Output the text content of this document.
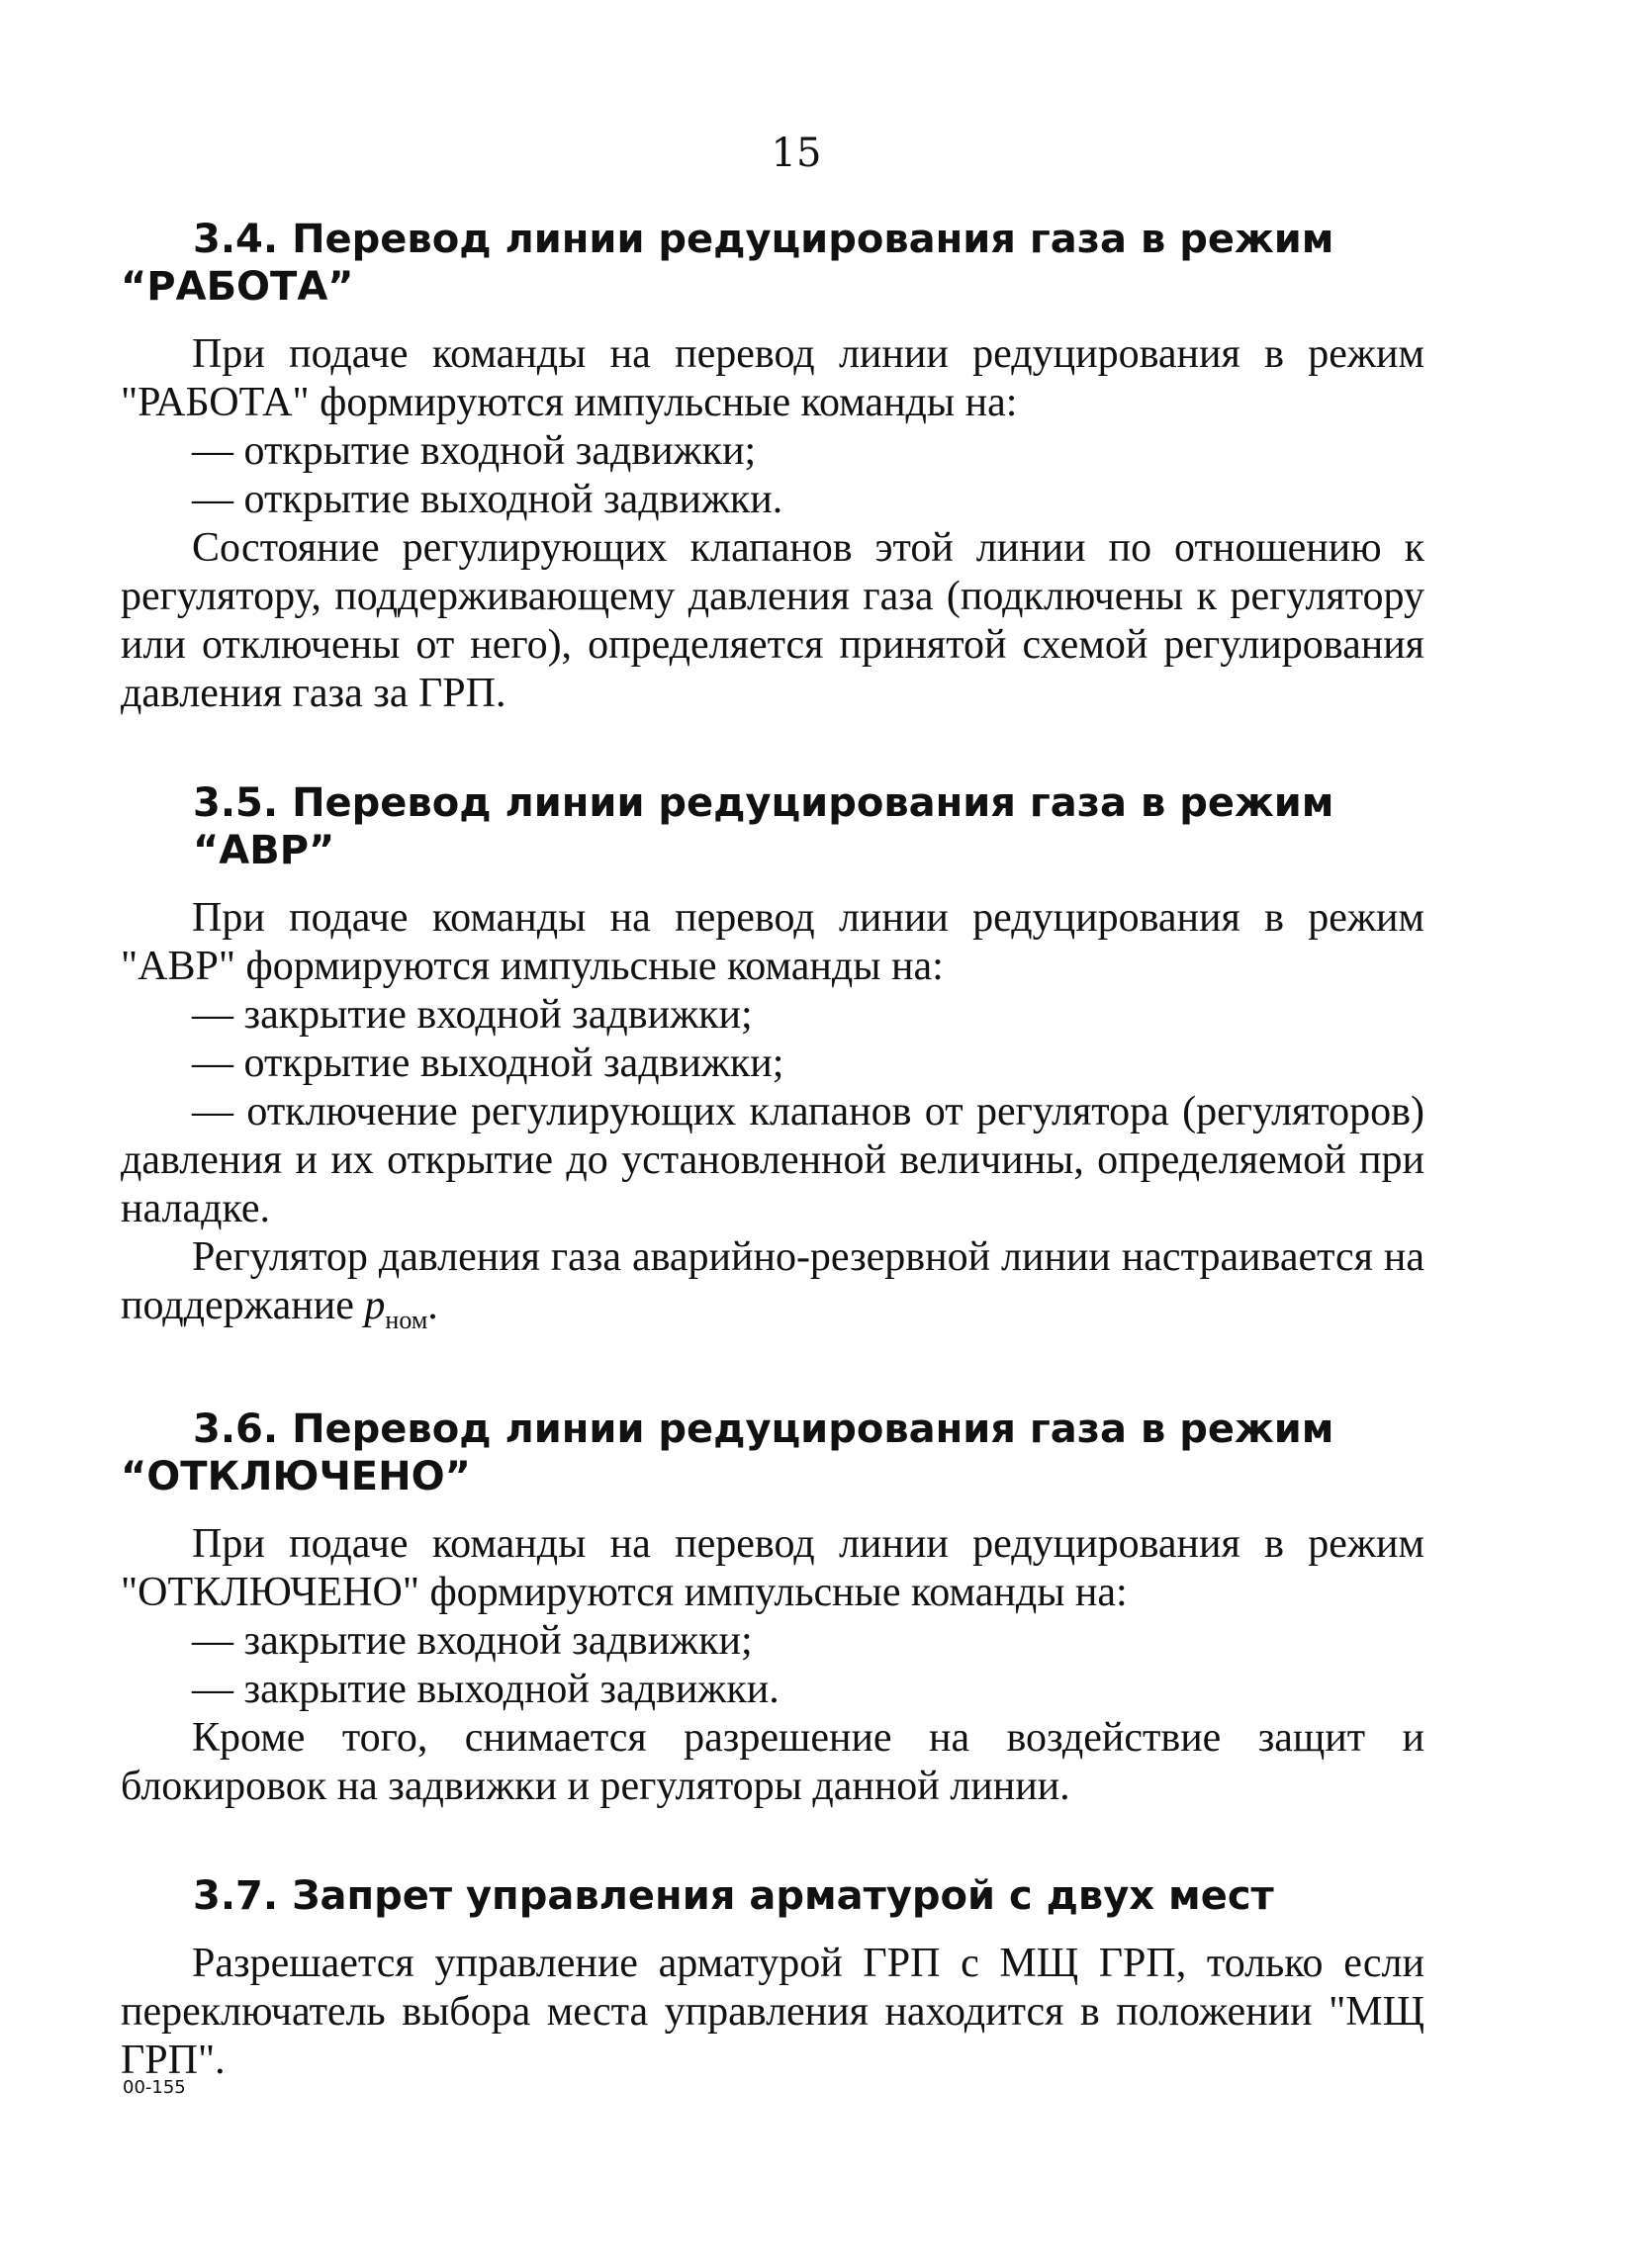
15
3.4. Перевод линии редуцирования газа в режим
“РАБОТА”

При подаче команды на перевод линии редуцирования в режим "РАБОТА" формируются импульсные команды на:

— открытие входной задвижки;

— открытие выходной задвижки.

Состояние регулирующих клапанов этой линии по отношению к регулятору, поддерживающему давления газа (подключены к регулятору или отключены от него), определяется принятой схемой регулирования давления газа за ГРП.

3.5. Перевод линии редуцирования газа в режим “АВР”

При подаче команды на перевод линии редуцирования в режим "АВР" формируются импульсные команды на:

— закрытие входной задвижки;

— открытие выходной задвижки;

— отключение регулирующих клапанов от регулятора (регуляторов) давления и их открытие до установленной величины, определяемой при наладке.

Регулятор давления газа аварийно-резервной линии настраивается на поддержание $p_{ном}$.

3.6. Перевод линии редуцирования газа в режим
“ОТКЛЮЧЕНО”

При подаче команды на перевод линии редуцирования в режим "ОТКЛЮЧЕНО" формируются импульсные команды на:

— закрытие входной задвижки;

— закрытие выходной задвижки.

Кроме того, снимается разрешение на воздействие защит и блокировок на задвижки и регуляторы данной линии.

3.7. Запрет управления арматурой с двух мест

Разрешается управление арматурой ГРП с МЩ ГРП, только если переключатель выбора места управления находится в положении "МЩ ГРП".

00-155
